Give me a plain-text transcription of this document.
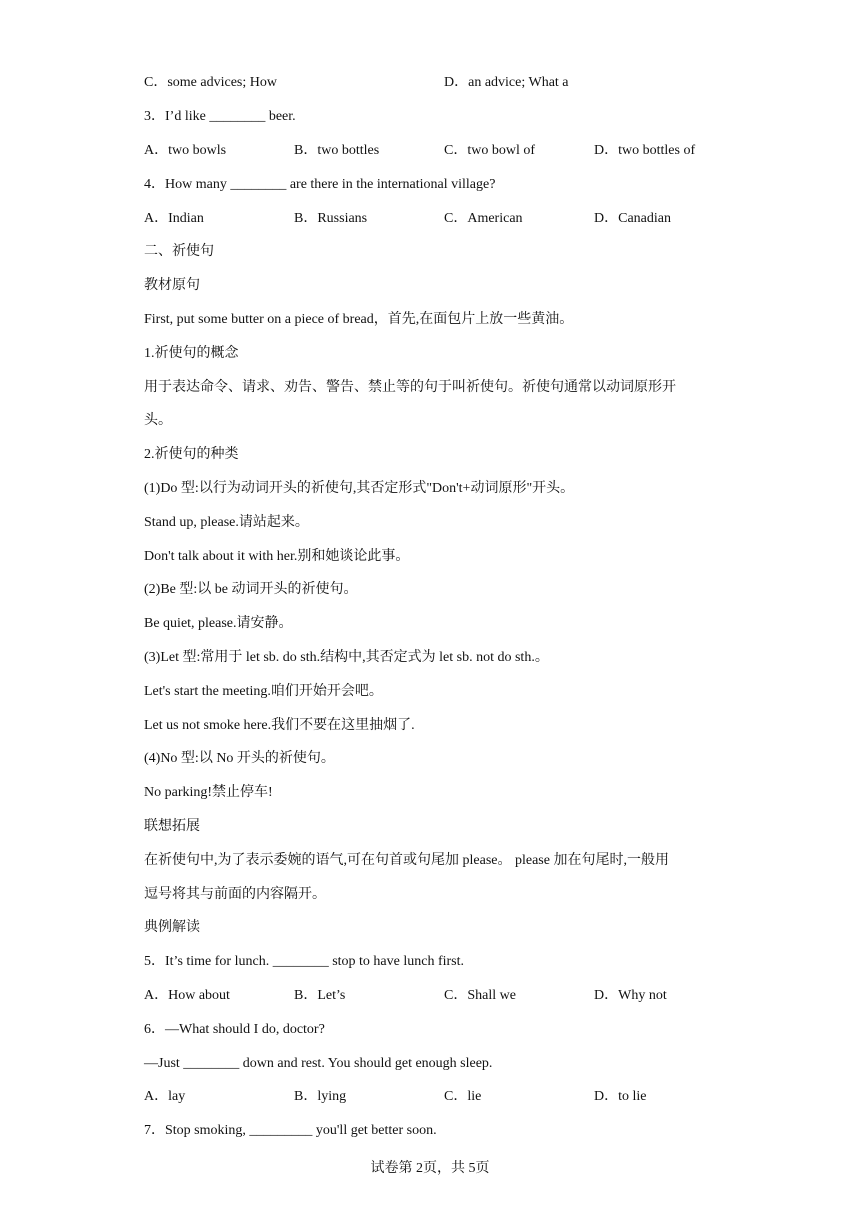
C．some advices; How	D．an advice; What a
3．I’d like ________ beer.
A．two bowls	B．two bottles	C．two bowl of	D．two bottles of
4．How many ________ are there in the international village?
A．Indian	B．Russians	C．American	D．Canadian
二、祈使句
教材原句
First, put some butter on a piece of bread，首先,在面包片上放一些黄油。
1.祈使句的概念
用于表达命令、请求、劝告、警告、禁止等的句于叫祈使句。祈使句通常以动词原形开
头。
2.祈使句的种类
(1)Do 型:以行为动词开头的祈使句,其否定形式"Don't+动词原形"开头。
Stand up, please.请站起来。
Don't talk about it with her.别和她谈论此事。
(2)Be 型:以 be 动词开头的祈使句。
Be quiet, please.请安静。
(3)Let 型:常用于 let sb. do sth.结构中,其否定式为 let sb. not do sth.。
Let's start the meeting.咱们开始开会吧。
Let us not smoke here.我们不要在这里抽烟了.
(4)No 型:以 No 开头的祈使句。
No parking!禁止停车!
联想拓展
在祈使句中,为了表示委婉的语气,可在句首或句尾加 please。 please 加在句尾时,一般用
逗号将其与前面的内容隔开。
典例解读
5．It’s time for lunch. ________ stop to have lunch first.
A．How about	B．Let’s	C．Shall we	D．Why not
6．—What should I do, doctor?
—Just ________ down and rest. You should get enough sleep.
A．lay	B．lying	C．lie	D．to lie
7．Stop smoking, _________ you'll get better soon.
试卷第 2页，共 5页
